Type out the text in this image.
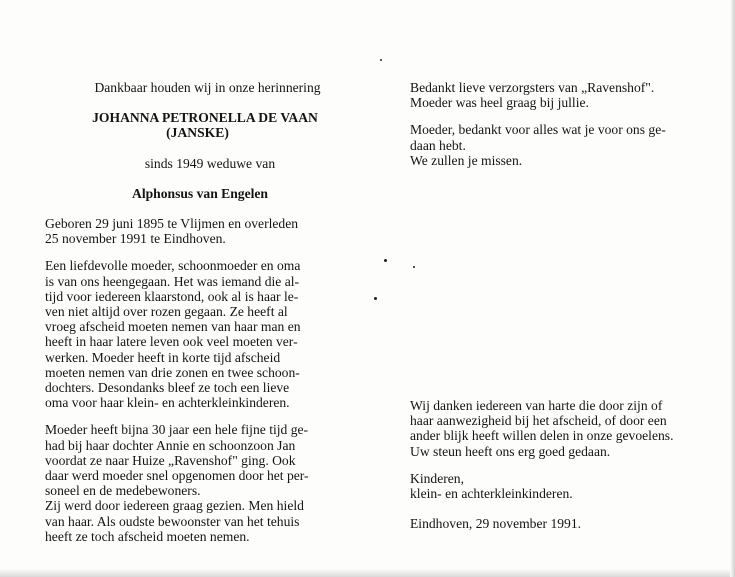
Dankbaar houden wij in onze herinnering

JOHANNA PETRONELLA DE VAAN

(JANSKE)

sinds 1949 weduwe van

Alphonsus van Engelen

Geboren 29 juni 1895 te Vlijmen en overleden

25 november 1991 te Eindhoven.

Een liefdevolle moeder, schoonmoeder en oma

is van ons heengegaan. Het was iemand die al-

tijd voor iedereen klaarstond, ook al is haar le-

ven niet altijd over rozen gegaan. Ze heeft al

vroeg afscheid moeten nemen van haar man en

heeft in haar latere leven ook veel moeten ver-

werken. Moeder heeft in korte tijd afscheid

moeten nemen van drie zonen en twee schoon-

dochters. Desondanks bleef ze toch een lieve

oma voor haar klein- en achterkleinkinderen.

Moeder heeft bijna 30 jaar een hele fijne tijd ge-

had bij haar dochter Annie en schoonzoon Jan

voordat ze naar Huize „Ravenshof" ging. Ook

daar werd moeder snel opgenomen door het per-

soneel en de medebewoners.

Zij werd door iedereen graag gezien. Men hield

van haar. Als oudste bewoonster van het tehuis

heeft ze toch afscheid moeten nemen.

Bedankt lieve verzorgsters van „Ravenshof".

Moeder was heel graag bij jullie.

Moeder, bedankt voor alles wat je voor ons ge-

daan hebt.

We zullen je missen.

Wij danken iedereen van harte die door zijn of

haar aanwezigheid bij het afscheid, of door een

ander blijk heeft willen delen in onze gevoelens.

Uw steun heeft ons erg goed gedaan.

Kinderen,

klein- en achterkleinkinderen.

Eindhoven, 29 november 1991.
